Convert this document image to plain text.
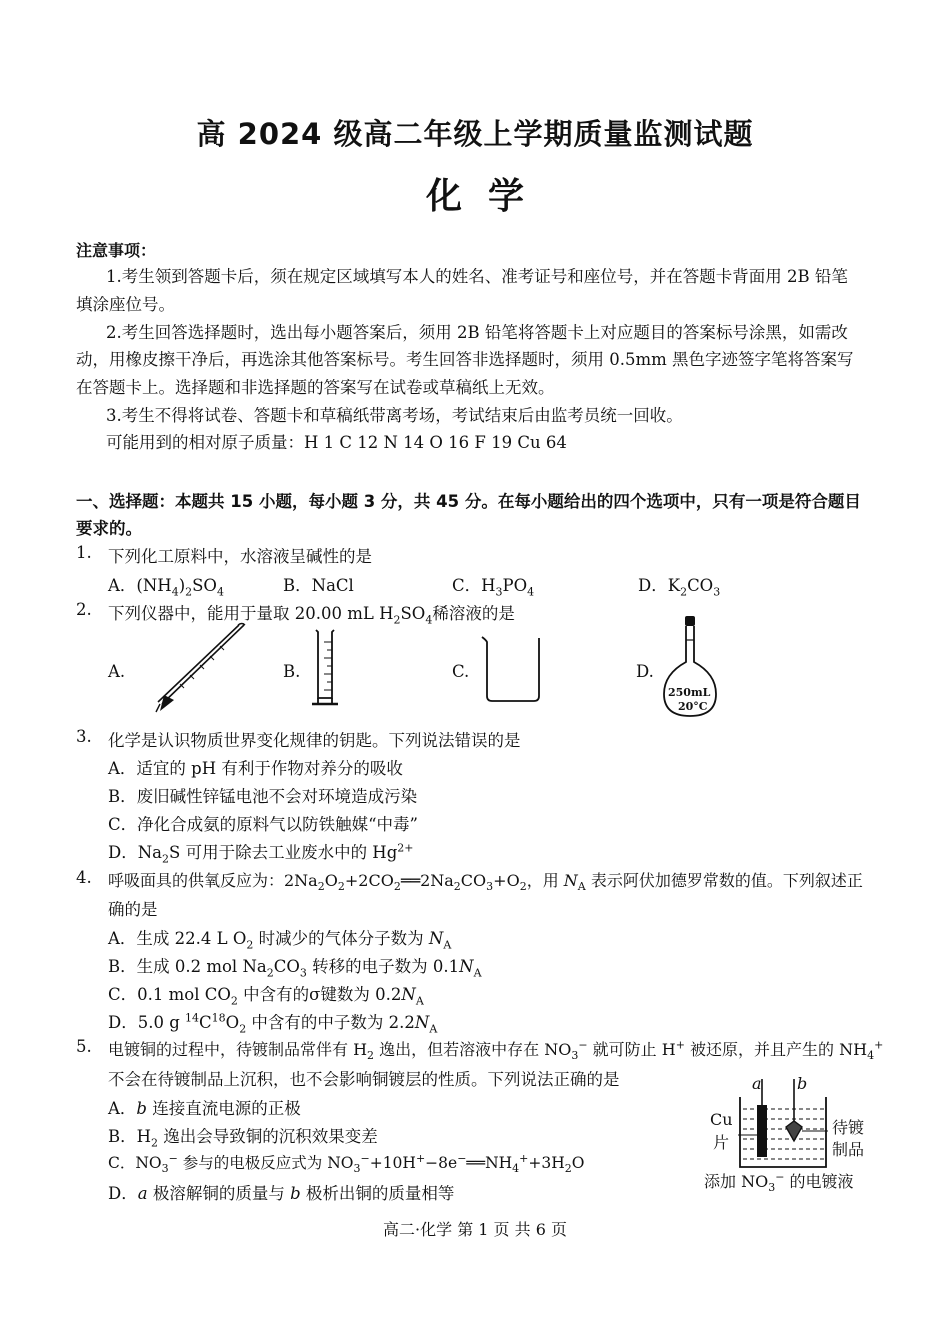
高 2024 级高二年级上学期质量监测试题
化学
注意事项：
1.考生领到答题卡后，须在规定区域填写本人的姓名、准考证号和座位号，并在答题卡背面用 2B 铅笔
填涂座位号。
2.考生回答选择题时，选出每小题答案后，须用 2B 铅笔将答题卡上对应题目的答案标号涂黑，如需改
动，用橡皮擦干净后，再选涂其他答案标号。考生回答非选择题时，须用 0.5mm 黑色字迹签字笔将答案写
在答题卡上。选择题和非选择题的答案写在试卷或草稿纸上无效。
3.考生不得将试卷、答题卡和草稿纸带离考场，考试结束后由监考员统一回收。
可能用到的相对原子质量：H 1 C 12 N 14 O 16 F 19 Cu 64
一、选择题：本题共 15 小题，每小题 3 分，共 45 分。在每小题给出的四个选项中，只有一项是符合题目
要求的。
1. 下列化工原料中，水溶液呈碱性的是
A．$(NH_4)_2SO_4$	B．NaCl	C．$H_3PO_4$	D．$K_2CO_3$
2. 下列仪器中，能用于量取 20.00 mL $H_2SO_4$稀溶液的是
A.	B.	C.	D.
250mL
20°C
3. 化学是认识物质世界变化规律的钥匙。下列说法错误的是
A．适宜的 pH 有利于作物对养分的吸收
B．废旧碱性锌锰电池不会对环境造成污染
C．净化合成氨的原料气以防铁触媒“中毒”
D．$Na_2S$ 可用于除去工业废水中的 $Hg^{2+}$
4. 呼吸面具的供氧反应为：$2Na_2O_2+2CO_2══2Na_2CO_3+O_2$，用 $N_A$ 表示阿伏加德罗常数的值。下列叙述正
确的是
A．生成 22.4 L $O_2$ 时减少的气体分子数为 $N_A$
B．生成 0.2 mol $Na_2CO_3$ 转移的电子数为 $0.1N_A$
C．0.1 mol $CO_2$ 中含有的σ键数为 $0.2N_A$
D．5.0 g $^{14}C^{18}O_2$ 中含有的中子数为 $2.2N_A$
5. 电镀铜的过程中，待镀制品常伴有 $H_2$ 逸出，但若溶液中存在 $NO_3^-$ 就可防止 H+ 被还原，并且产生的 $NH_4^+$
不会在待镀制品上沉积，也不会影响铜镀层的性质。下列说法正确的是
A．b 连接直流电源的正极
B．$H_2$ 逸出会导致铜的沉积效果变差
C．$NO_3^-$ 参与的电极反应式为 $NO_3^-+10H^+-8e^-══NH_4^++3H_2O$
D．a 极溶解铜的质量与 b 极析出铜的质量相等
a b
Cu
片
待镀
制品
添加 $NO_3^-$ 的电镀液
高二·化学 第 1 页 共 6 页
